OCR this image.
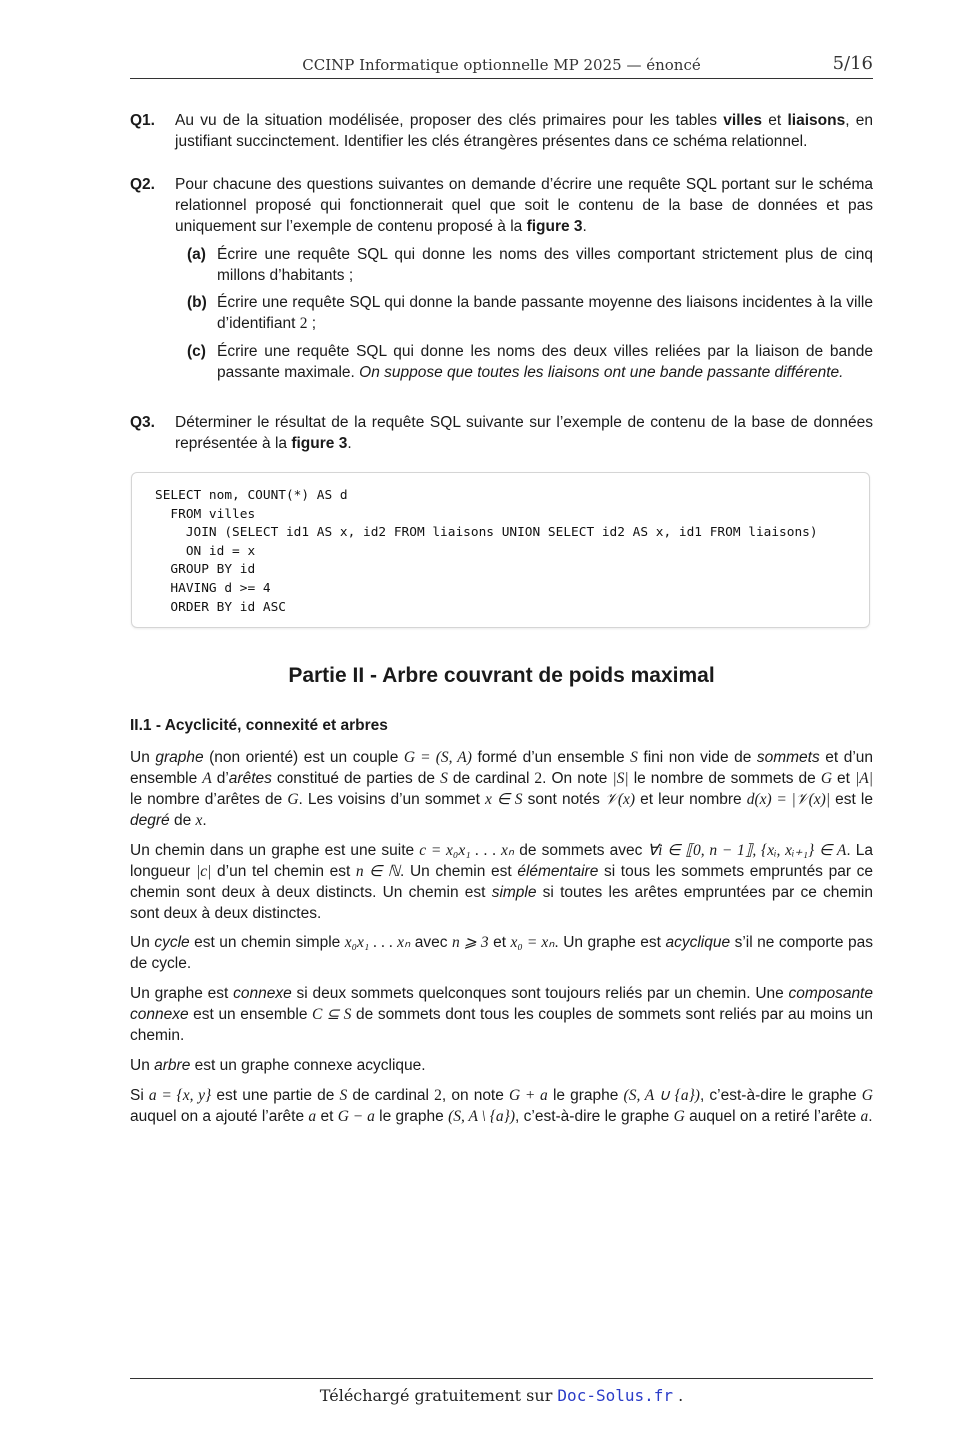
CCINP Informatique optionnelle MP 2025 — énoncé	5/16
Q1. Au vu de la situation modélisée, proposer des clés primaires pour les tables villes et liaisons, en justifiant succinctement. Identifier les clés étrangères présentes dans ce schéma relationnel.
Q2. Pour chacune des questions suivantes on demande d’écrire une requête SQL portant sur le schéma relationnel proposé qui fonctionnerait quel que soit le contenu de la base de données et pas uniquement sur l’exemple de contenu proposé à la figure 3.
(a) Écrire une requête SQL qui donne les noms des villes comportant strictement plus de cinq millons d’habitants ;
(b) Écrire une requête SQL qui donne la bande passante moyenne des liaisons incidentes à la ville d’identifiant 2 ;
(c) Écrire une requête SQL qui donne les noms des deux villes reliées par la liaison de bande passante maximale. On suppose que toutes les liaisons ont une bande passante différente.
Q3. Déterminer le résultat de la requête SQL suivante sur l’exemple de contenu de la base de données représentée à la figure 3.
SELECT nom, COUNT(*) AS d
FROM villes
JOIN (SELECT id1 AS x, id2 FROM liaisons UNION SELECT id2 AS x, id1 FROM liaisons)
ON id = x
GROUP BY id
HAVING d >= 4
ORDER BY id ASC
Partie II - Arbre couvrant de poids maximal
II.1 - Acyclicité, connexité et arbres
Un graphe (non orienté) est un couple G = (S, A) formé d’un ensemble S fini non vide de sommets et d’un ensemble A d’arêtes constitué de parties de S de cardinal 2. On note |S| le nombre de sommets de G et |A| le nombre d’arêtes de G. Les voisins d’un sommet x ∈ S sont notés 𝒱(x) et leur nombre d(x) = |𝒱(x)| est le degré de x.
Un chemin dans un graphe est une suite c = x₀x₁ . . . xₙ de sommets avec ∀i ∈ ⟦0, n − 1⟧, {xᵢ, xᵢ₊₁} ∈ A. La longueur |c| d’un tel chemin est n ∈ ℕ. Un chemin est élémentaire si tous les sommets empruntés par ce chemin sont deux à deux distincts. Un chemin est simple si toutes les arêtes empruntées par ce chemin sont deux à deux distinctes.
Un cycle est un chemin simple x₀x₁ . . . xₙ avec n ⩾ 3 et x₀ = xₙ. Un graphe est acyclique s’il ne comporte pas de cycle.
Un graphe est connexe si deux sommets quelconques sont toujours reliés par un chemin. Une composante connexe est un ensemble C ⊆ S de sommets dont tous les couples de sommets sont reliés par au moins un chemin.
Un arbre est un graphe connexe acyclique.
Si a = {x, y} est une partie de S de cardinal 2, on note G + a le graphe (S, A ∪ {a}), c’est-à-dire le graphe G auquel on a ajouté l’arête a et G − a le graphe (S, A \ {a}), c’est-à-dire le graphe G auquel on a retiré l’arête a.
Téléchargé gratuitement sur Doc-Solus.fr .
